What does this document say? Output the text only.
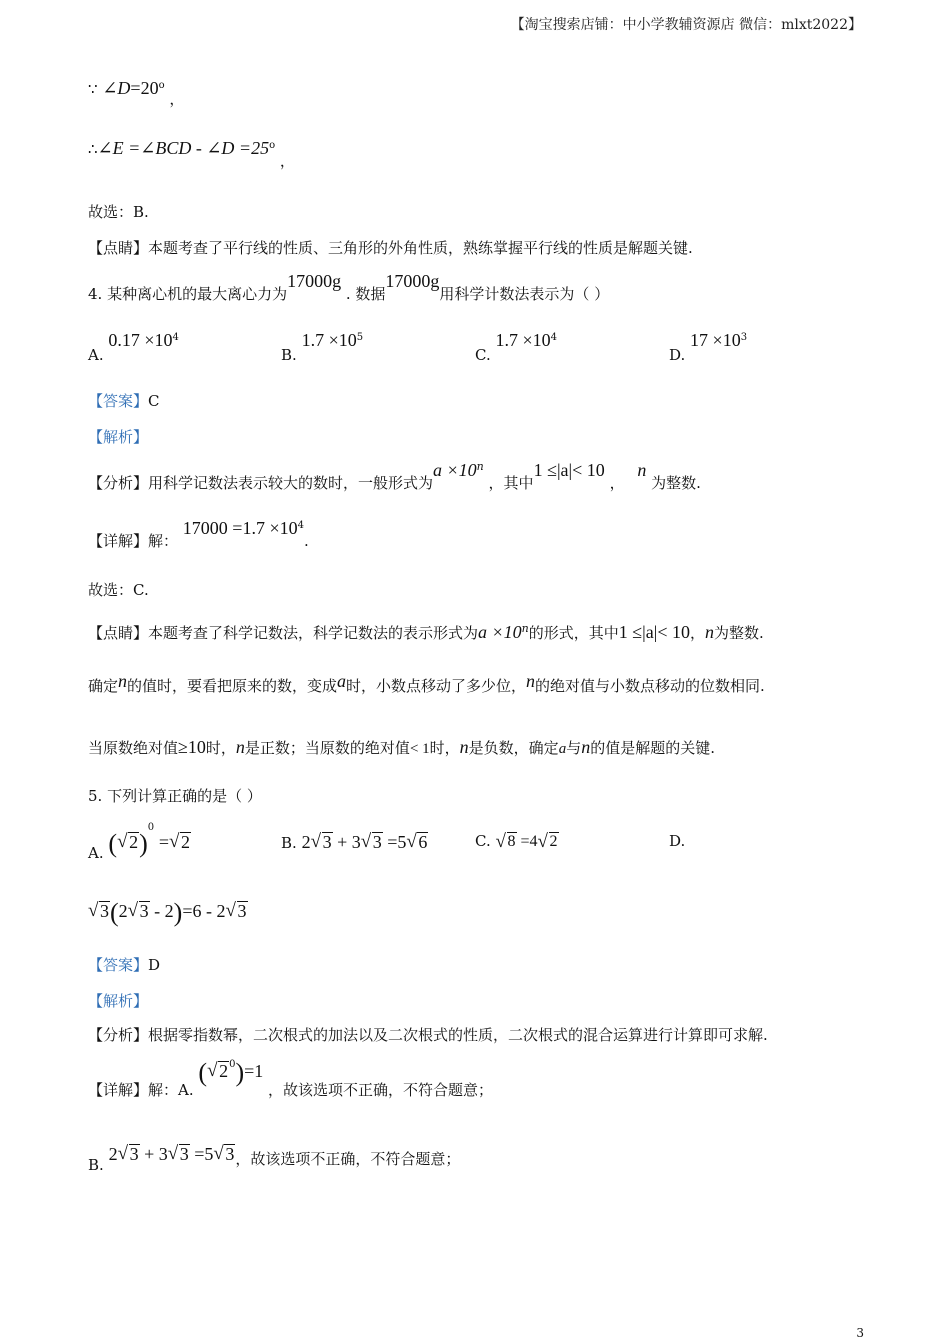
【淘宝搜索店铺：中小学教辅资源店 微信：mlxt2022】
∵ $\angle D=20^o$ ，
∴∠E =∠BCD - ∠D $=25^o$ ，
故选：B.
【点睛】本题考查了平行线的性质、三角形的外角性质，熟练掌握平行线的性质是解题关键.
4. 某种离心机的最大离心力为17000g . 数据17000g用科学计数法表示为（ ）
A. $0.17 \times 10^4$
B. $1.7 \times 10^5$
C. $1.7 \times 10^4$
D. $17 \times 10^3$
【答案】C
【解析】
【分析】用科学记数法表示较大的数时，一般形式为$a \times 10^n$ ，其中1 ≤|a|< 10 ， n 为整数.
【详解】解： $17000 =1.7 \times 10^4$.
故选：C.
【点睛】本题考查了科学记数法，科学记数法的表示形式为$a \times 10^n$的形式，其中1 ≤|a|< 10，n为整数.
确定n的值时，要看把原来的数，变成a时，小数点移动了多少位，n的绝对值与小数点移动的位数相同.
当原数绝对值≥10时，n是正数；当原数的绝对值< 1时，n是负数，确定a与n的值是解题的关键.
5. 下列计算正确的是（ ）
A. ( √ 2)$^0$ = √ 2	B. 2 √ 3 + 3 √ 3 =5 √ 6	C. √ 8 =4 √ 2	D.
√ 3(2 √ 3 - 2)=6 - 2 √ 3
【答案】D
【解析】
【分析】根据零指数幂，二次根式的加法以及二次根式的性质，二次根式的混合运算进行计算即可求解.
【详解】解：A. ( √ $2^0)=1$ ，故该选项不正确，不符合题意；
B. 2 √ 3 + 3 √ 3 =5 √ 3，故该选项不正确，不符合题意；
3
